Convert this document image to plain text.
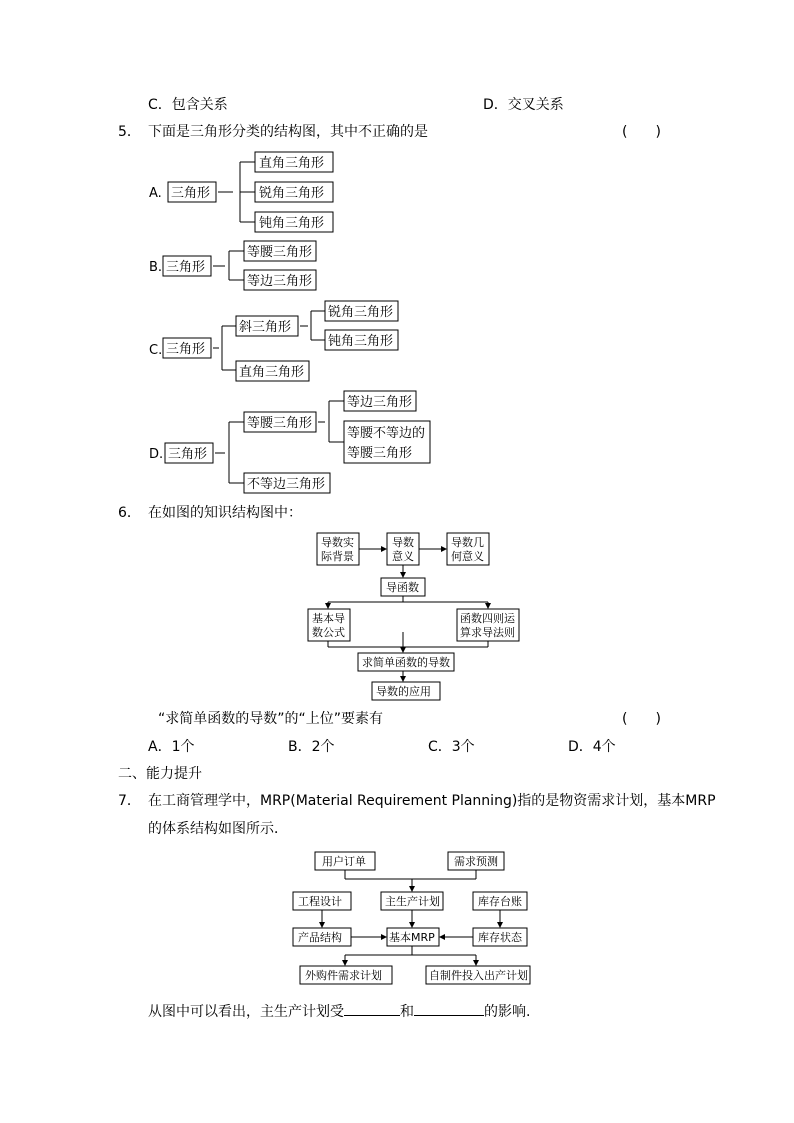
C．包含关系	D．交叉关系
5． 下面是三角形分类的结构图，其中不正确的是	(　　)
A. 三角形
直角三角形
锐角三角形
钝角三角形
B. 三角形
等腰三角形
等边三角形
C. 三角形
斜三角形
锐角三角形
钝角三角形
直角三角形
D. 三角形
等腰三角形
等边三角形
等腰不等边的
等腰三角形
不等边三角形
6． 在如图的知识结构图中：
导数实
际背景
导数
意义
导数几
何意义
导函数
基本导
数公式
函数四则运
算求导法则
求简单函数的导数
导数的应用
“求简单函数的导数”的“上位”要素有	(　　)
A．1个	B．2个	C．3个	D．4个
二、能力提升
7． 在工商管理学中，MRP(Material Requirement Planning)指的是物资需求计划，基本MRP
的体系结构如图所示．
用户订单	需求预测
工程设计	主生产计划	库存台账
产品结构	基本MRP	库存状态
外购件需求计划	自制件投入出产计划
从图中可以看出，主生产计划受	和	的影响.
